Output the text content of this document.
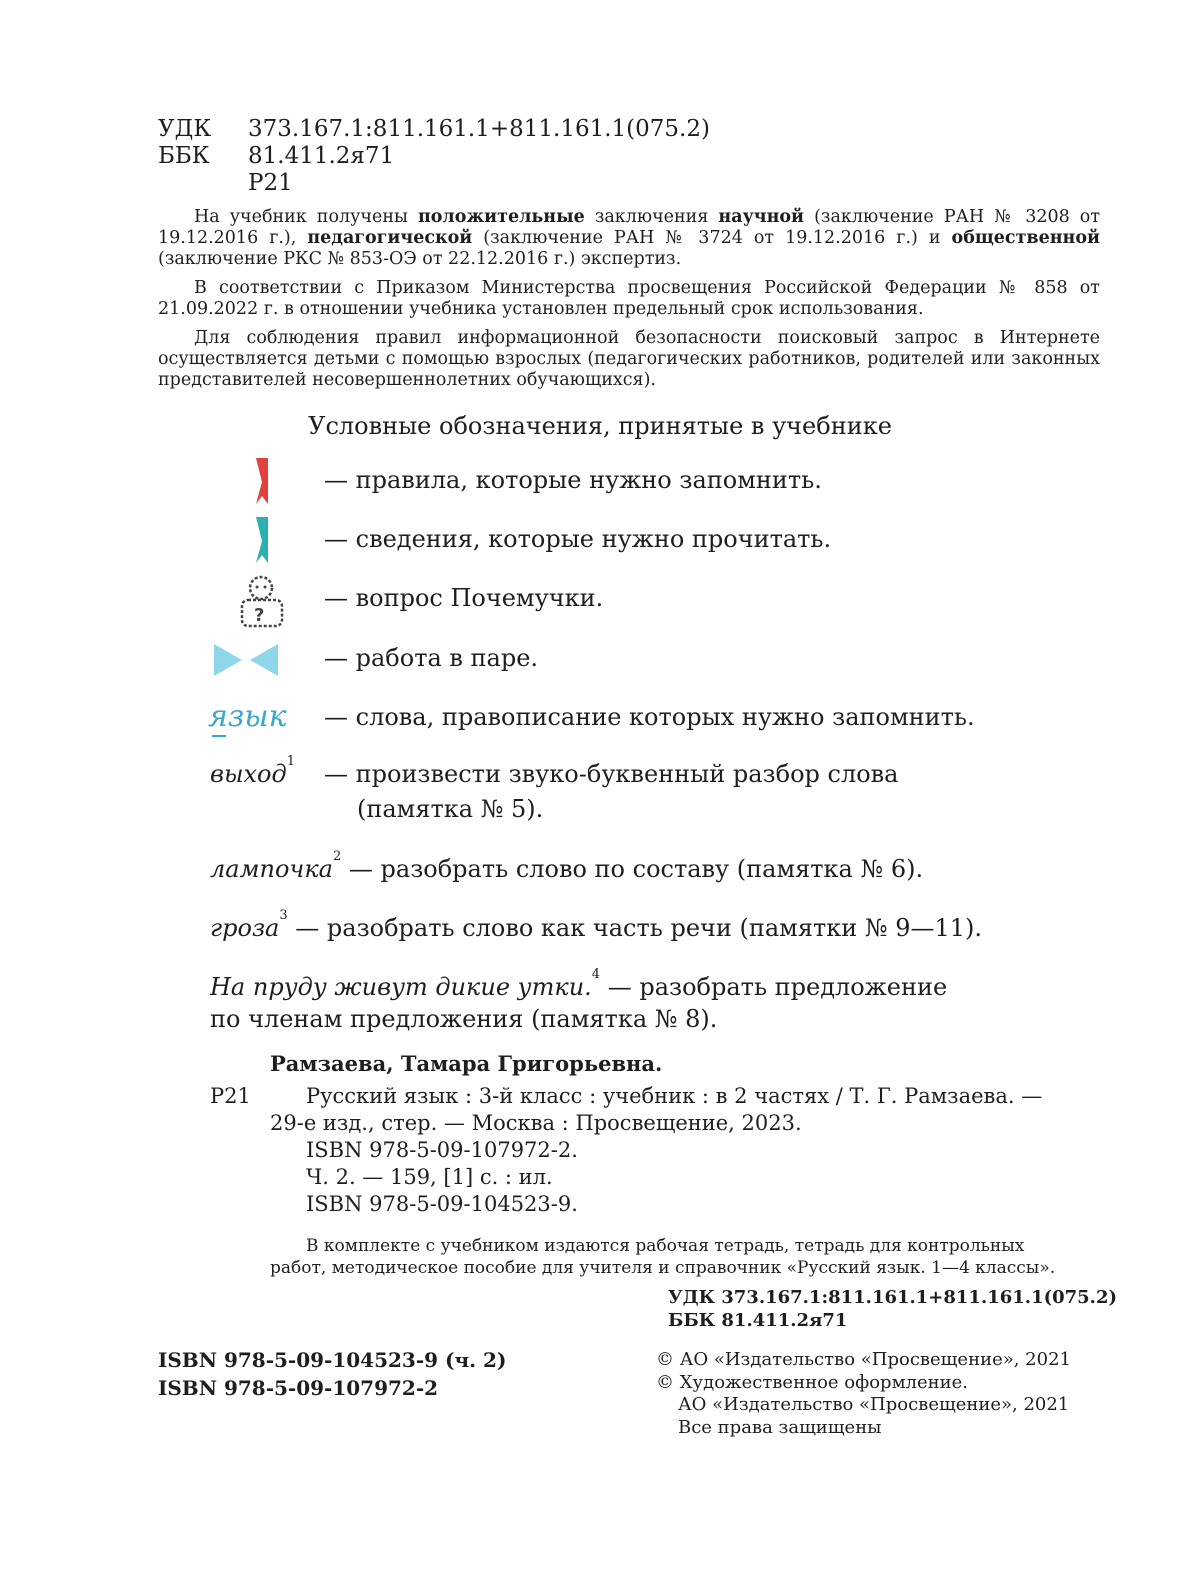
УДК 373.167.1:811.161.1+811.161.1(075.2)
ББК 81.411.2я71
Р21
На учебник получены положительные заключения научной (заключение РАН № 3208 от 19.12.2016 г.), педагогической (заключение РАН № 3724 от 19.12.2016 г.) и общественной (заключение РКС № 853-ОЭ от 22.12.2016 г.) экспертиз.
В соответствии с Приказом Министерства просвещения Российской Федерации № 858 от 21.09.2022 г. в отношении учебника установлен предельный срок использования.
Для соблюдения правил информационной безопасности поисковый запрос в Интернете осуществляется детьми с помощью взрослых (педагогических работников, родителей или законных представителей несовершеннолетних обучающихся).
Условные обозначения, принятые в учебнике
— правила, которые нужно запомнить.
— сведения, которые нужно прочитать.
?
— вопрос Почемучки.
— работа в паре.
язык — слова, правописание которых нужно запомнить.
выход$^1$ — произвести звуко-буквенный разбор слова
(памятка № 5).
лампочка$^2$ — разобрать слово по составу (памятка № 6).
гроза$^3$ — разобрать слово как часть речи (памятки № 9—11).
На пруду живут дикие утки.$^4$ — разобрать предложение
по членам предложения (памятка № 8).
Рамзаева, Тамара Григорьевна.
Р21	Русский язык : 3-й класс : учебник : в 2 частях / Т. Г. Рамзаева. —
29-е изд., стер. — Москва : Просвещение, 2023.
ISBN 978-5-09-107972-2.
Ч. 2. — 159, [1] с. : ил.
ISBN 978-5-09-104523-9.
В комплекте с учебником издаются рабочая тетрадь, тетрадь для контрольных
работ, методическое пособие для учителя и справочник «Русский язык. 1—4 классы».
УДК 373.167.1:811.161.1+811.161.1(075.2)
ББК 81.411.2я71
ISBN 978-5-09-104523-9 (ч. 2)
ISBN 978-5-09-107972-2
© АО «Издательство «Просвещение», 2021
© Художественное оформление.
АО «Издательство «Просвещение», 2021
Все права защищены
